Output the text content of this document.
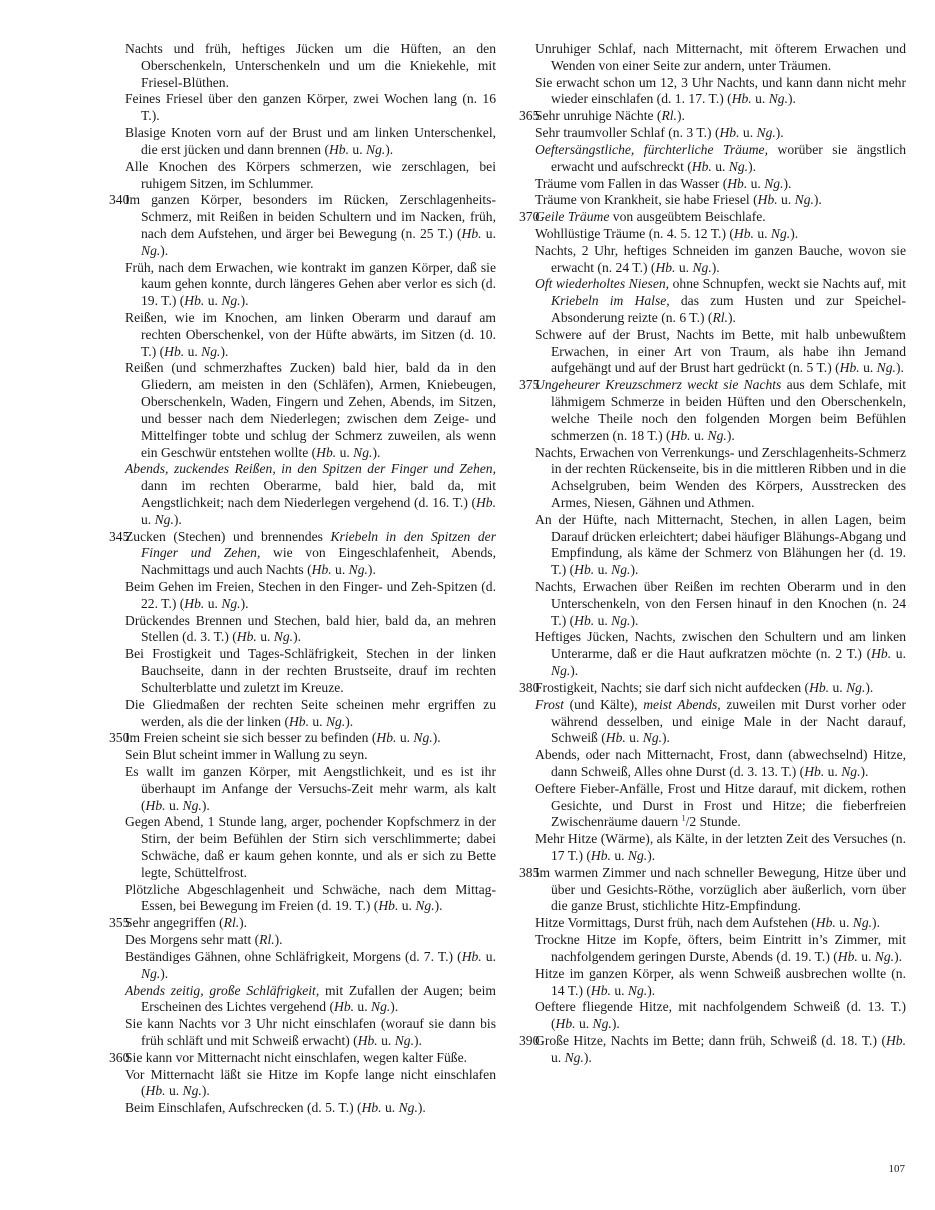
Nachts und früh, heftiges Jücken um die Hüften, an den Oberschenkeln, Unterschenkeln und um die Kniekehle, mit Friesel-Blüthen.
Feines Friesel über den ganzen Körper, zwei Wochen lang (n. 16 T.).
Blasige Knoten vorn auf der Brust und am linken Unterschenkel, die erst jücken und dann brennen (Hb. u. Ng.).
Alle Knochen des Körpers schmerzen, wie zerschlagen, bei ruhigem Sitzen, im Schlummer.
340
Im ganzen Körper, besonders im Rücken, Zerschlagenheits-Schmerz, mit Reißen in beiden Schultern und im Nacken, früh, nach dem Aufstehen, und ärger bei Bewegung (n. 25 T.) (Hb. u. Ng.).
Früh, nach dem Erwachen, wie kontrakt im ganzen Körper, daß sie kaum gehen konnte, durch längeres Gehen aber verlor es sich (d. 19. T.) (Hb. u. Ng.).
Reißen, wie im Knochen, am linken Oberarm und darauf am rechten Oberschenkel, von der Hüfte abwärts, im Sitzen (d. 10. T.) (Hb. u. Ng.).
Reißen (und schmerzhaftes Zucken) bald hier, bald da in den Gliedern, am meisten in den (Schläfen), Armen, Kniebeugen, Oberschenkeln, Waden, Fingern und Zehen, Abends, im Sitzen, und besser nach dem Niederlegen; zwischen dem Zeige- und Mittelfinger tobte und schlug der Schmerz zuweilen, als wenn ein Geschwür entstehen wollte (Hb. u. Ng.).
Abends, zuckendes Reißen, in den Spitzen der Finger und Zehen, dann im rechten Oberarme, bald hier, bald da, mit Aengstlichkeit; nach dem Niederlegen vergehend (d. 16. T.) (Hb. u. Ng.).
345
Zucken (Stechen) und brennendes Kriebeln in den Spitzen der Finger und Zehen, wie von Eingeschlafenheit, Abends, Nachmittags und auch Nachts (Hb. u. Ng.).
Beim Gehen im Freien, Stechen in den Finger- und Zeh-Spitzen (d. 22. T.) (Hb. u. Ng.).
Drückendes Brennen und Stechen, bald hier, bald da, an mehren Stellen (d. 3. T.) (Hb. u. Ng.).
Bei Frostigkeit und Tages-Schläfrigkeit, Stechen in der linken Bauchseite, dann in der rechten Brustseite, drauf im rechten Schulterblatte und zuletzt im Kreuze.
Die Gliedmaßen der rechten Seite scheinen mehr ergriffen zu werden, als die der linken (Hb. u. Ng.).
350
Im Freien scheint sie sich besser zu befinden (Hb. u. Ng.).
Sein Blut scheint immer in Wallung zu seyn.
Es wallt im ganzen Körper, mit Aengstlichkeit, und es ist ihr überhaupt im Anfange der Versuchs-Zeit mehr warm, als kalt (Hb. u. Ng.).
Gegen Abend, 1 Stunde lang, arger, pochender Kopfschmerz in der Stirn, der beim Befühlen der Stirn sich verschlimmerte; dabei Schwäche, daß er kaum gehen konnte, und als er sich zu Bette legte, Schüttelfrost.
Plötzliche Abgeschlagenheit und Schwäche, nach dem Mittag-Essen, bei Bewegung im Freien (d. 19. T.) (Hb. u. Ng.).
355
Sehr angegriffen (Rl.).
Des Morgens sehr matt (Rl.).
Beständiges Gähnen, ohne Schläfrigkeit, Morgens (d. 7. T.) (Hb. u. Ng.).
Abends zeitig, große Schläfrigkeit, mit Zufallen der Augen; beim Erscheinen des Lichtes vergehend (Hb. u. Ng.).
Sie kann Nachts vor 3 Uhr nicht einschlafen (worauf sie dann bis früh schläft und mit Schweiß erwacht) (Hb. u. Ng.).
360
Sie kann vor Mitternacht nicht einschlafen, wegen kalter Füße.
Vor Mitternacht läßt sie Hitze im Kopfe lange nicht einschlafen (Hb. u. Ng.).
Beim Einschlafen, Aufschrecken (d. 5. T.) (Hb. u. Ng.).
Unruhiger Schlaf, nach Mitternacht, mit öfterem Erwachen und Wenden von einer Seite zur andern, unter Träumen.
Sie erwacht schon um 12, 3 Uhr Nachts, und kann dann nicht mehr wieder einschlafen (d. 1. 17. T.) (Hb. u. Ng.).
365
Sehr unruhige Nächte (Rl.).
Sehr traumvoller Schlaf (n. 3 T.) (Hb. u. Ng.).
Oeftersängstliche, fürchterliche Träume, worüber sie ängstlich erwacht und aufschreckt (Hb. u. Ng.).
Träume vom Fallen in das Wasser (Hb. u. Ng.).
Träume von Krankheit, sie habe Friesel (Hb. u. Ng.).
370
Geile Träume von ausgeübtem Beischlafe.
Wohllüstige Träume (n. 4. 5. 12 T.) (Hb. u. Ng.).
Nachts, 2 Uhr, heftiges Schneiden im ganzen Bauche, wovon sie erwacht (n. 24 T.) (Hb. u. Ng.).
Oft wiederholtes Niesen, ohne Schnupfen, weckt sie Nachts auf, mit Kriebeln im Halse, das zum Husten und zur Speichel-Absonderung reizte (n. 6 T.) (Rl.).
Schwere auf der Brust, Nachts im Bette, mit halb unbewußtem Erwachen, in einer Art von Traum, als habe ihn Jemand aufgehängt und auf der Brust hart gedrückt (n. 5 T.) (Hb. u. Ng.).
375
Ungeheurer Kreuzschmerz weckt sie Nachts aus dem Schlafe, mit lähmigem Schmerze in beiden Hüften und den Oberschenkeln, welche Theile noch den folgenden Morgen beim Befühlen schmerzen (n. 18 T.) (Hb. u. Ng.).
Nachts, Erwachen von Verrenkungs- und Zerschlagenheits-Schmerz in der rechten Rückenseite, bis in die mittleren Ribben und in die Achselgruben, beim Wenden des Körpers, Ausstrecken des Armes, Niesen, Gähnen und Athmen.
An der Hüfte, nach Mitternacht, Stechen, in allen Lagen, beim Darauf drücken erleichtert; dabei häufiger Blähungs-Abgang und Empfindung, als käme der Schmerz von Blähungen her (d. 19. T.) (Hb. u. Ng.).
Nachts, Erwachen über Reißen im rechten Oberarm und in den Unterschenkeln, von den Fersen hinauf in den Knochen (n. 24 T.) (Hb. u. Ng.).
Heftiges Jücken, Nachts, zwischen den Schultern und am linken Unterarme, daß er die Haut aufkratzen möchte (n. 2 T.) (Hb. u. Ng.).
380
Frostigkeit, Nachts; sie darf sich nicht aufdecken (Hb. u. Ng.).
Frost (und Kälte), meist Abends, zuweilen mit Durst vorher oder während desselben, und einige Male in der Nacht darauf, Schweiß (Hb. u. Ng.).
Abends, oder nach Mitternacht, Frost, dann (abwechselnd) Hitze, dann Schweiß, Alles ohne Durst (d. 3. 13. T.) (Hb. u. Ng.).
Oeftere Fieber-Anfälle, Frost und Hitze darauf, mit dickem, rothen Gesichte, und Durst in Frost und Hitze; die fieberfreien Zwischenräume dauern $^1$/2 Stunde.
Mehr Hitze (Wärme), als Kälte, in der letzten Zeit des Versuches (n. 17 T.) (Hb. u. Ng.).
385
Im warmen Zimmer und nach schneller Bewegung, Hitze über und über und Gesichts-Röthe, vorzüglich aber äußerlich, vorn über die ganze Brust, stichlichte Hitz-Empfindung.
Hitze Vormittags, Durst früh, nach dem Aufstehen (Hb. u. Ng.).
Trockne Hitze im Kopfe, öfters, beim Eintritt in’s Zimmer, mit nachfolgendem geringen Durste, Abends (d. 19. T.) (Hb. u. Ng.).
Hitze im ganzen Körper, als wenn Schweiß ausbrechen wollte (n. 14 T.) (Hb. u. Ng.).
Oeftere fliegende Hitze, mit nachfolgendem Schweiß (d. 13. T.) (Hb. u. Ng.).
390
Große Hitze, Nachts im Bette; dann früh, Schweiß (d. 18. T.) (Hb. u. Ng.).
107
